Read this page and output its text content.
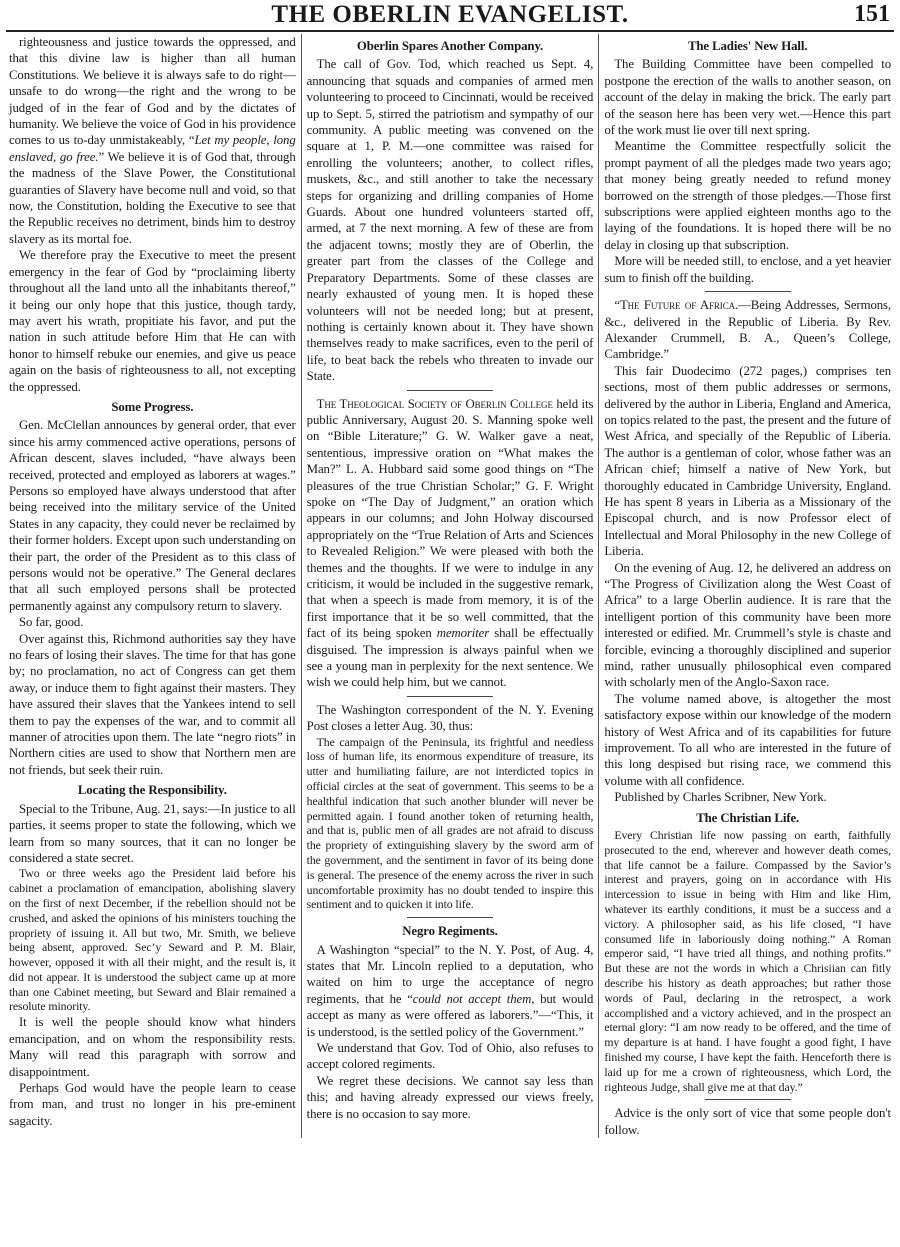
THE OBERLIN EVANGELIST.	151

righteousness and justice towards the oppressed, and that this divine law is higher than all human Constitutions. We believe it is always safe to do right—unsafe to do wrong—the right and the wrong to be judged of in the fear of God and by the dictates of humanity. We believe the voice of God in his providence comes to us to-day unmistakeably, “Let my people, long enslaved, go free.” We believe it is of God that, through the madness of the Slave Power, the Constitutional guaranties of Slavery have become null and void, so that now, the Constitution, holding the Executive to see that the Republic receives no detriment, binds him to destroy slavery as its mortal foe.

We therefore pray the Executive to meet the present emergency in the fear of God by “proclaiming liberty throughout all the land unto all the inhabitants thereof,” it being our only hope that this justice, though tardy, may avert his wrath, propitiate his favor, and put the nation in such attitude before Him that He can with honor to himself rebuke our enemies, and give us peace again on the basis of righteousness to all, not excepting the oppressed.

Some Progress.

Gen. McClellan announces by general order, that ever since his army commenced active operations, persons of African descent, slaves included, “have always been received, protected and employed as laborers at wages.” Persons so employed have always understood that after being received into the military service of the United States in any capacity, they could never be reclaimed by their former holders. Except upon such understanding on their part, the order of the President as to this class of persons would not be operative.” The General declares that all such employed persons shall be protected permanently against any compulsory return to slavery.

So far, good.

Over against this, Richmond authorities say they have no fears of losing their slaves. The time for that has gone by; no proclamation, no act of Congress can get them away, or induce them to fight against their masters. They have assured their slaves that the Yankees intend to sell them to pay the expenses of the war, and to commit all manner of atrocities upon them. The late “negro riots” in Northern cities are used to show that Northern men are not friends, but seek their ruin.

Locating the Responsibility.

Special to the Tribune, Aug. 21, says:—In justice to all parties, it seems proper to state the following, which we learn from so many sources, that it can no longer be considered a state secret.

Two or three weeks ago the President laid before his cabinet a proclamation of emancipation, abolishing slavery on the first of next December, if the rebellion should not be crushed, and asked the opinions of his ministers touching the propriety of issuing it. All but two, Mr. Smith, we believe being absent, approved. Sec’y Seward and P. M. Blair, however, opposed it with all their might, and the result is, it did not appear. It is understood the subject came up at more than one Cabinet meeting, but Seward and Blair remained a resolute minority.

It is well the people should know what hinders emancipation, and on whom the responsibility rests. Many will read this paragraph with sorrow and disappointment.

Perhaps God would have the people learn to cease from man, and trust no longer in his pre-eminent sagacity.

Oberlin Spares Another Company.

The call of Gov. Tod, which reached us Sept. 4, announcing that squads and companies of armed men volunteering to proceed to Cincinnati, would be received up to Sept. 5, stirred the patriotism and sympathy of our community. A public meeting was convened on the square at 1, P. M.—one committee was raised for enrolling the volunteers; another, to collect rifles, muskets, &c., and still another to take the necessary steps for organizing and drilling companies of Home Guards. About one hundred volunteers started off, armed, at 7 the next morning. A few of these are from the adjacent towns; mostly they are of Oberlin, the greater part from the classes of the College and Preparatory Departments. Some of these classes are nearly exhausted of young men. It is hoped these volunteers will not be needed long; but at present, nothing is certainly known about it. They have shown themselves ready to make sacrifices, even to the peril of life, to beat back the rebels who threaten to invade our State.

The Theological Society of Oberlin College held its public Anniversary, August 20. S. Manning spoke well on “Bible Literature;” G. W. Walker gave a neat, sententious, impressive oration on “What makes the Man?” L. A. Hubbard said some good things on “The pleasures of the true Christian Scholar;” G. F. Wright spoke on “The Day of Judgment,” an oration which appears in our columns; and John Holway discoursed appropriately on the “True Relation of Arts and Sciences to Revealed Religion.” We were pleased with both the themes and the thoughts. If we were to indulge in any criticism, it would be included in the suggestive remark, that when a speech is made from memory, it is of the first importance that it be so well committed, that the fact of its being spoken memoriter shall be effectually disguised. The impression is always painful when we see a young man in perplexity for the next sentence. We wish we could help him, but we cannot.

The Washington correspondent of the N. Y. Evening Post closes a letter Aug. 30, thus:

The campaign of the Peninsula, its frightful and needless loss of human life, its enormous expenditure of treasure, its utter and humiliating failure, are not interdicted topics in official circles at the seat of government. This seems to be a healthful indication that such another blunder will never be permitted again. I found another token of returning health, and that is, public men of all grades are not afraid to discuss the propriety of extinguishing slavery by the sword arm of the government, and the sentiment in favor of its being done is general. The presence of the enemy across the river in such uncomfortable proximity has no doubt tended to inspire this sentiment and to quicken it into life.

Negro Regiments.

A Washington “special” to the N. Y. Post, of Aug. 4, states that Mr. Lincoln replied to a deputation, who waited on him to urge the acceptance of negro regiments, that he “could not accept them, but would accept as many as were offered as laborers.”—“This, it is understood, is the settled policy of the Government.”

We understand that Gov. Tod of Ohio, also refuses to accept colored regiments.

We regret these decisions. We cannot say less than this; and having already expressed our views freely, there is no occasion to say more.

The Ladies' New Hall.

The Building Committee have been compelled to postpone the erection of the walls to another season, on account of the delay in making the brick. The early part of the season here has been very wet.—Hence this part of the work must lie over till next spring.

Meantime the Committee respectfully solicit the prompt payment of all the pledges made two years ago; that money being greatly needed to refund money borrowed on the strength of those pledges.—Those first subscriptions were applied eighteen months ago to the laying of the foundations. It is hoped there will be no delay in closing up that subscription.

More will be needed still, to enclose, and a yet heavier sum to finish off the building.

“The Future of Africa.—Being Addresses, Sermons, &c., delivered in the Republic of Liberia. By Rev. Alexander Crummell, B. A., Queen’s College, Cambridge.”

This fair Duodecimo (272 pages,) comprises ten sections, most of them public addresses or sermons, delivered by the author in Liberia, England and America, on topics related to the past, the present and the future of West Africa, and specially of the Republic of Liberia. The author is a gentleman of color, whose father was an African chief; himself a native of New York, but thoroughly educated in Cambridge University, England. He has spent 8 years in Liberia as a Missionary of the Episcopal church, and is now Professor elect of Intellectual and Moral Philosophy in the new College of Liberia.

On the evening of Aug. 12, he delivered an address on “The Progress of Civilization along the West Coast of Africa” to a large Oberlin audience. It is rare that the intelligent portion of this community have been more interested or edified. Mr. Crummell’s style is chaste and forcible, evincing a thoroughly disciplined and superior mind, rather unusually philosophical even compared with scholarly men of the Anglo-Saxon race.

The volume named above, is altogether the most satisfactory expose within our knowledge of the modern history of West Africa and of its capabilities for future improvement. To all who are interested in the future of this long despised but rising race, we commend this volume with all confidence.

Published by Charles Scribner, New York.

The Christian Life.

Every Christian life now passing on earth, faithfully prosecuted to the end, wherever and however death comes, that life cannot be a failure. Compassed by the Savior’s interest and prayers, going on in accordance with His intercession to issue in being with Him and like Him, whatever its earthly conditions, it must be a success and a victory. A philosopher said, as his life closed, “I have consumed life in laboriously doing nothing.” A Roman emperor said, “I have tried all things, and nothing profits.” But these are not the words in which a Chrisiian can fitly describe his history as death approaches; but rather those words of Paul, declaring in the retrospect, a work accomplished and a victory achieved, and in the prospect an eternal glory: “I am now ready to be offered, and the time of my departure is at hand. I have fought a good fight, I have finished my course, I have kept the faith. Henceforth there is laid up for me a crown of righteousness, which Lord, the righteous Judge, shall give me at that day.”

Advice is the only sort of vice that some people don't follow.
